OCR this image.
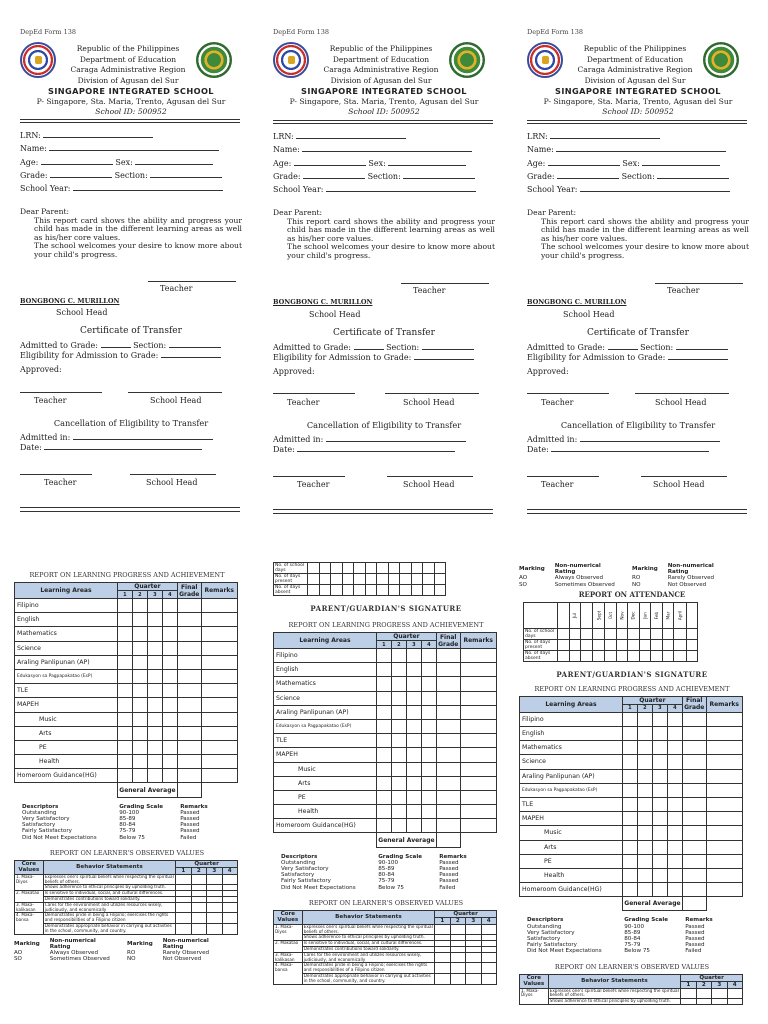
DepEd Form 138
Republic of the Philippines
Department of Education
Caraga Administrative Region
Division of Agusan del Sur
SINGAPORE INTEGRATED SCHOOL
P- Singapore, Sta. Maria, Trento, Agusan del Sur
School ID: 500952
LRN:
Name:
Age:	Sex:
Grade:	Section:
School Year:
Dear Parent:
This report card shows the ability and progress your child has made in the different learning areas as well as his/her core values.
The school welcomes your desire to know more about your child's progress.
Teacher
BONGBONG C. MURILLON
School Head
Certificate of Transfer
Admitted to Grade:	Section:
Eligibility for Admission to Grade:
Approved:
Teacher	School Head
Cancellation of Eligibility to Transfer
Admitted in:
Date:
Teacher	School Head
REPORT ON LEARNING PROGRESS AND ACHIEVEMENT
Learning Areas	Quarter				Final Grade	Remarks
	1	2	3	4		
Filipino						
English						
Mathematics						
Science						
Araling Panlipunan (AP)						
Edukasyon sa Pagpapakatao (EsP)						
TLE						
MAPEH						
Music						
Arts						
PE						
Health						
Homeroom Guidance(HG)						
	General Average					
Descriptors	Grading Scale	Remarks
Outstanding	90-100	Passed
Very Satisfactory	85-89	Passed
Satisfactory	80-84	Passed
Fairly Satisfactory	75-79	Passed
Did Not Meet Expectations	Below 75	Failed
REPORT ON LEARNER'S OBSERVED VALUES
Core Values	Behavior Statements	Quarter			
		1	2	3	4
1. Maka-Diyos	Expresses one's spiritual beliefs while respecting the spiritual beliefs of others.				
	Shows adherence to ethical principles by upholding truth.				
2. Makatao	Is sensitive to individual, social, and cultural differences.				
	Demonstrates contributions toward solidarity.				
3. Maka-kalikasan	Cares for the environment and utilizes resources wisely, judiciously, and economically				
4. Maka-bansa	Demonstrates pride in being a Filipino; exercises the rights and responsibilities of a Filipino citizen				
	Demonstrates appropriate behavior in carrying out activities in the school, community, and country.				
Marking	Non-numerical Rating	Marking	Non-numerical Rating
AO	Always Observed	RO	Rarely Observed
SO	Sometimes Observed	NO	Not Observed
DepEd Form 138
Republic of the Philippines
Department of Education
Caraga Administrative Region
Division of Agusan del Sur
SINGAPORE INTEGRATED SCHOOL
P- Singapore, Sta. Maria, Trento, Agusan del Sur
School ID: 500952
LRN:
Name:
Age:	Sex:
Grade:	Section:
School Year:
Dear Parent:
This report card shows the ability and progress your child has made in the different learning areas as well as his/her core values.
The school welcomes your desire to know more about your child's progress.
Teacher
BONGBONG C. MURILLON
School Head
Certificate of Transfer
Admitted to Grade:	Section:
Eligibility for Admission to Grade:
Approved:
Teacher	School Head
Cancellation of Eligibility to Transfer
Admitted in:
Date:
Teacher	School Head
No. of school days												
No. of days present												
No. of days absent												
PARENT/GUARDIAN'S SIGNATURE
REPORT ON LEARNING PROGRESS AND ACHIEVEMENT
Learning Areas	Quarter				Final Grade	Remarks
	1	2	3	4		
Filipino						
English						
Mathematics						
Science						
Araling Panlipunan (AP)						
Edukasyon sa Pagpapakatao (EsP)						
TLE						
MAPEH						
Music						
Arts						
PE						
Health						
Homeroom Guidance(HG)						
	General Average					
Descriptors	Grading Scale	Remarks
Outstanding	90-100	Passed
Very Satisfactory	85-89	Passed
Satisfactory	80-84	Passed
Fairly Satisfactory	75-79	Passed
Did Not Meet Expectations	Below 75	Failed
REPORT ON LEARNER'S OBSERVED VALUES
Core Values	Behavior Statements	Quarter			
		1	2	3	4
1. Maka-Diyos	Expresses one's spiritual beliefs while respecting the spiritual beliefs of others.				
	Shows adherence to ethical principles by upholding truth.				
2. Makatao	Is sensitive to individual, social, and cultural differences.				
	Demonstrates contributions toward solidarity.				
3. Maka-kalikasan	Cares for the environment and utilizes resources wisely, judiciously, and economically				
4. Maka-bansa	Demonstrates pride in being a Filipino; exercises the rights and responsibilities of a Filipino citizen				
	Demonstrates appropriate behavior in carrying out activities in the school, community, and country.				
DepEd Form 138
Republic of the Philippines
Department of Education
Caraga Administrative Region
Division of Agusan del Sur
SINGAPORE INTEGRATED SCHOOL
P- Singapore, Sta. Maria, Trento, Agusan del Sur
School ID: 500952
LRN:
Name:
Age:	Sex:
Grade:	Section:
School Year:
Dear Parent:
This report card shows the ability and progress your child has made in the different learning areas as well as his/her core values.
The school welcomes your desire to know more about your child's progress.
Teacher
BONGBONG C. MURILLON
School Head
Certificate of Transfer
Admitted to Grade:	Section:
Eligibility for Admission to Grade:
Approved:
Teacher	School Head
Cancellation of Eligibility to Transfer
Admitted in:
Date:
Teacher	School Head
Marking	Non-numerical Rating	Marking	Non-numerical Rating
AO	Always Observed	RO	Rarely Observed
SO	Sometimes Observed	NO	Not Observed
REPORT ON ATTENDANCE
		Jul		Sept	Oct	Nov	Dec	Jan	Feb	Mar	April	
No. of school days												
No. of days present												
No. of days absent												
PARENT/GUARDIAN'S SIGNATURE
REPORT ON LEARNING PROGRESS AND ACHIEVEMENT
Learning Areas	Quarter				Final Grade	Remarks
	1	2	3	4		
Filipino						
English						
Mathematics						
Science						
Araling Panlipunan (AP)						
Edukasyon sa Pagpapakatao (EsP)						
TLE						
MAPEH						
Music						
Arts						
PE						
Health						
Homeroom Guidance(HG)						
	General Average					
Descriptors	Grading Scale	Remarks
Outstanding	90-100	Passed
Very Satisfactory	85-89	Passed
Satisfactory	80-84	Passed
Fairly Satisfactory	75-79	Passed
Did Not Meet Expectations	Below 75	Failed
REPORT ON LEARNER'S OBSERVED VALUES
Core Values	Behavior Statements	Quarter			
		1	2	3	4
1. Maka-Diyos	Expresses one's spiritual beliefs while respecting the spiritual beliefs of others.				
	Shows adherence to ethical principles by upholding truth.				
